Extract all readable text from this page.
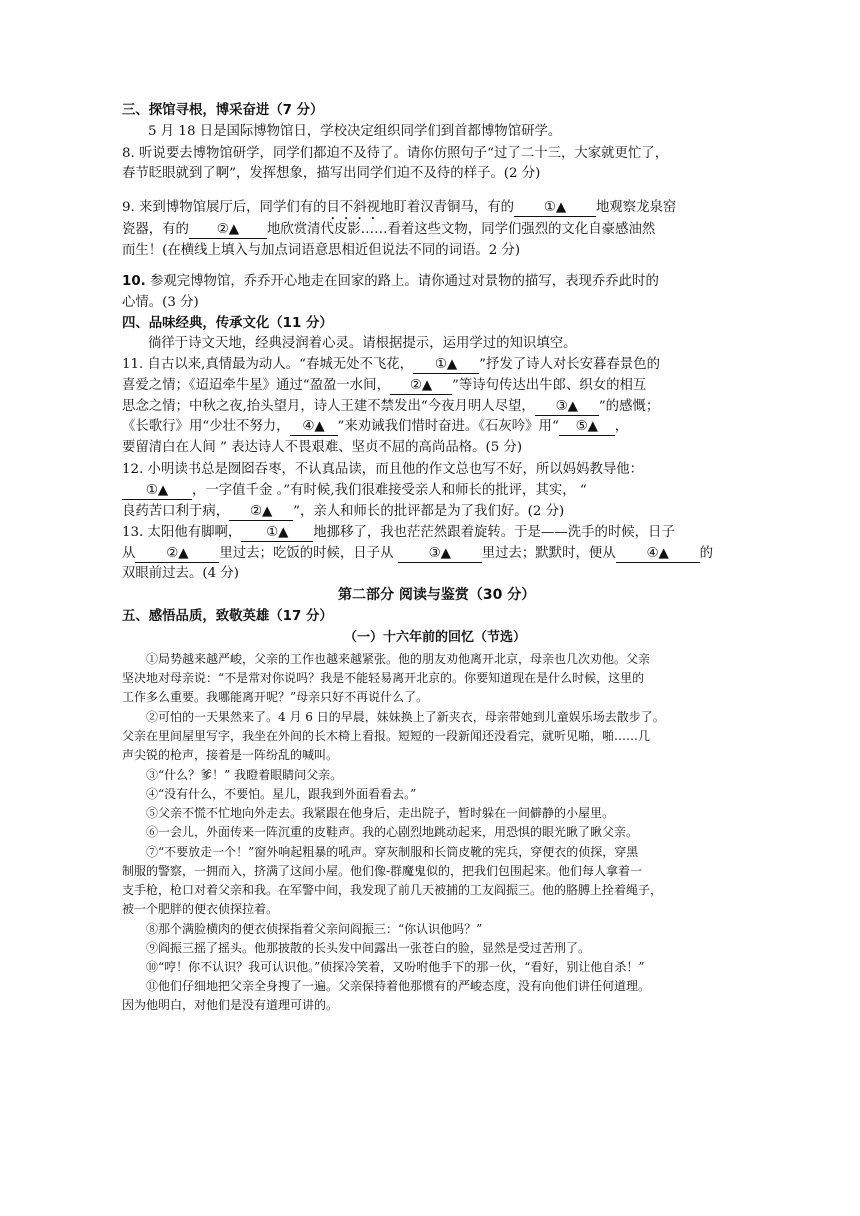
三、探馆寻根，博采奋进（7 分）
5 月 18 日是国际博物馆日，学校决定组织同学们到首都博物馆研学。
8. 听说要去博物馆研学，同学们都迫不及待了。请你仿照句子“过了二十三，大家就更忙了，
春节眨眼就到了啊”，发挥想象，描写出同学们迫不及待的样子。(2 分)
9. 来到博物馆展厅后，同学们有的目不斜视地盯着汉青铜马，有的 ①▲ 地观察龙泉窑
瓷器，有的 ②▲ 地欣赏清代皮影……看着这些文物，同学们强烈的文化自豪感油然
而生！(在横线上填入与加点词语意思相近但说法不同的词语。2 分)
10. 参观完博物馆，乔乔开心地走在回家的路上。请你通过对景物的描写，表现乔乔此时的
心情。(3 分)
四、品味经典，传承文化（11 分）
徜徉于诗文天地，经典浸润着心灵。请根据提示，运用学过的知识填空。
11. 自古以来,真情最为动人。“春城无处不飞花， ①▲ ”抒发了诗人对长安暮春景色的
喜爱之情；《迢迢牵牛星》通过“盈盈一水间， ②▲ ”等诗句传达出牛郎、织女的相互
思念之情；中秋之夜,抬头望月，诗人王建不禁发出“今夜月明人尽望， ③▲ ”的感慨；
《长歌行》用“少壮不努力， ④▲ ”来劝诫我们惜时奋进。《石灰吟》用“ ⑤▲ ，
要留清白在人间 ” 表达诗人不畏艰难、坚贞不屈的高尚品格。(5 分)
12. 小明读书总是囫囵吞枣，不认真品读，而且他的作文总也写不好，所以妈妈教导他：
①▲ ，一字值千金 。”有时候,我们很难接受亲人和师长的批评，其实， “
良药苦口利于病， ②▲ ”，亲人和师长的批评都是为了我们好。(2 分)
13. 太阳他有脚啊， ①▲ 地挪移了，我也茫茫然跟着旋转。于是——洗手的时候，日子
从 ②▲ 里过去；吃饭的时候，日子从 ③▲ 里过去；默默时，便从 ④▲ 的
双眼前过去。(4 分)
第二部分 阅读与鉴赏（30 分）
五、感悟品质，致敬英雄（17 分）
（一）十六年前的回忆（节选）
①局势越来越严峻，父亲的工作也越来越紧张。他的朋友劝他离开北京，母亲也几次劝他。父亲
坚决地对母亲说：“不是常对你说吗？我是不能轻易离开北京的。你要知道现在是什么时候，这里的
工作多么重要。我哪能离开呢？”母亲只好不再说什么了。
②可怕的一天果然来了。4 月 6 日的早晨，妹妹换上了新夹衣，母亲带她到儿童娱乐场去散步了。
父亲在里间屋里写字，我坐在外间的长木椅上看报。短短的一段新闻还没看完，就听见啪，啪……几
声尖锐的枪声，接着是一阵纷乱的喊叫。
③“什么？爹！” 我瞪着眼睛问父亲。
④“没有什么，不要怕。星儿，跟我到外面看看去。”
⑤父亲不慌不忙地向外走去。我紧跟在他身后，走出院子，暂时躲在一间僻静的小屋里。
⑥一会儿，外面传来一阵沉重的皮鞋声。我的心剧烈地跳动起来，用恐惧的眼光瞅了瞅父亲。
⑦“不要放走一个！”窗外响起粗暴的吼声。穿灰制服和长筒皮靴的宪兵，穿便衣的侦探，穿黑
制服的警察，一拥而入，挤满了这间小屋。他们像-群魔鬼似的，把我们包围起来。他们每人拿着一
支手枪，枪口对着父亲和我。在军警中间，我发现了前几天被捕的工友阎振三。他的胳膊上拴着绳子，
被一个肥胖的便衣侦探拉着。
⑧那个满脸横肉的便衣侦探指着父亲问阎振三：“你认识他吗？”
⑨阎振三摇了摇头。他那披散的长头发中间露出一张苍白的脸，显然是受过苦刑了。
⑩“哼！你不认识？我可认识他。”侦探冷笑着，又吩咐他手下的那一伙，“看好，别让他自杀！”
⑪他们仔细地把父亲全身搜了一遍。父亲保持着他那惯有的严峻态度，没有向他们讲任何道理。
因为他明白，对他们是没有道理可讲的。
